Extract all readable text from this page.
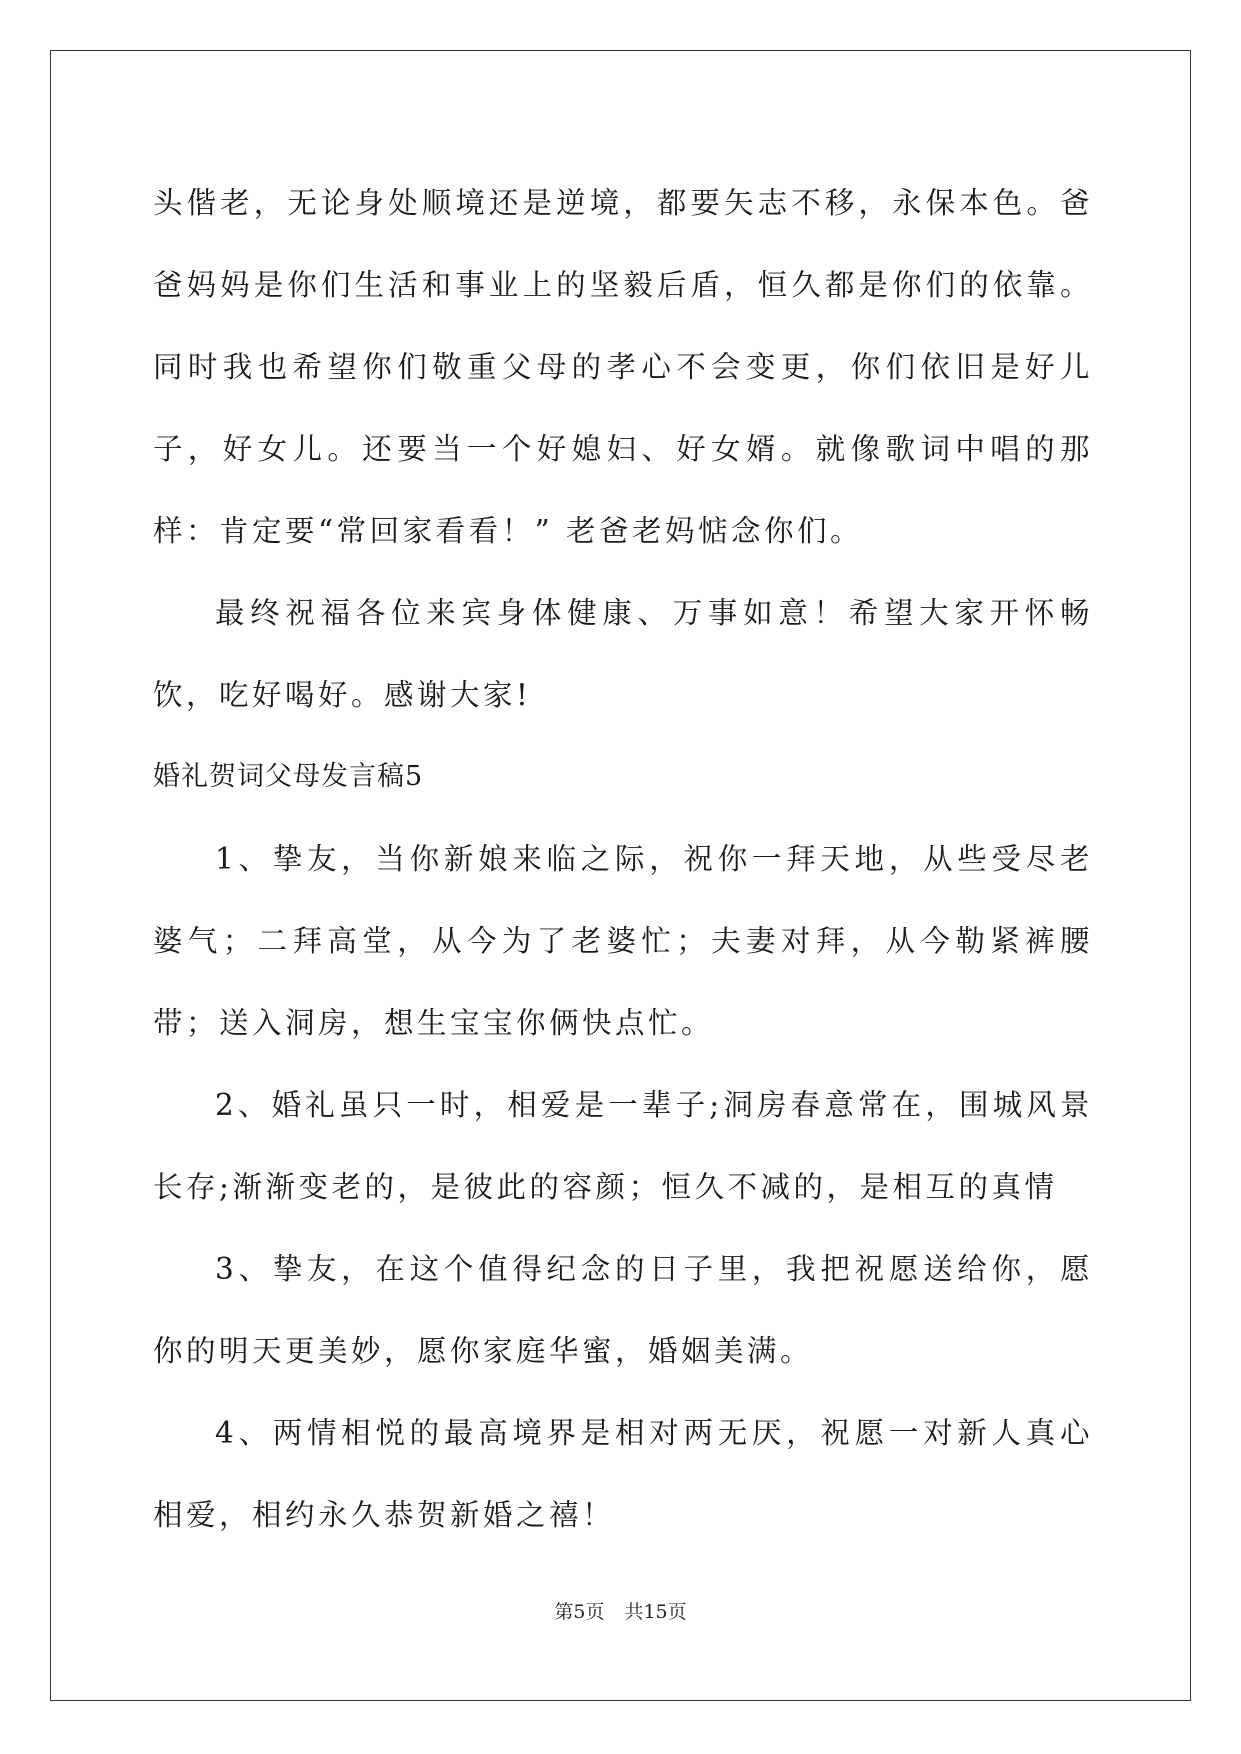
头偕老，无论身处顺境还是逆境，都要矢志不移，永保本色。爸爸妈妈是你们生活和事业上的坚毅后盾，恒久都是你们的依靠。同时我也希望你们敬重父母的孝心不会变更，你们依旧是好儿子，好女儿。还要当一个好媳妇、好女婿。就像歌词中唱的那样：肯定要“常回家看看！” 老爸老妈惦念你们。

最终祝福各位来宾身体健康、万事如意！希望大家开怀畅饮，吃好喝好。感谢大家!

婚礼贺词父母发言稿5

1、挚友，当你新娘来临之际，祝你一拜天地，从些受尽老婆气；二拜高堂，从今为了老婆忙；夫妻对拜，从今勒紧裤腰带；送入洞房，想生宝宝你俩快点忙。

2、婚礼虽只一时，相爱是一辈子;洞房春意常在，围城风景长存;渐渐变老的，是彼此的容颜；恒久不减的，是相互的真情

3、挚友，在这个值得纪念的日子里，我把祝愿送给你，愿你的明天更美妙，愿你家庭华蜜，婚姻美满。

4、两情相悦的最高境界是相对两无厌，祝愿一对新人真心相爱，相约永久恭贺新婚之禧！

第5页 共15页
